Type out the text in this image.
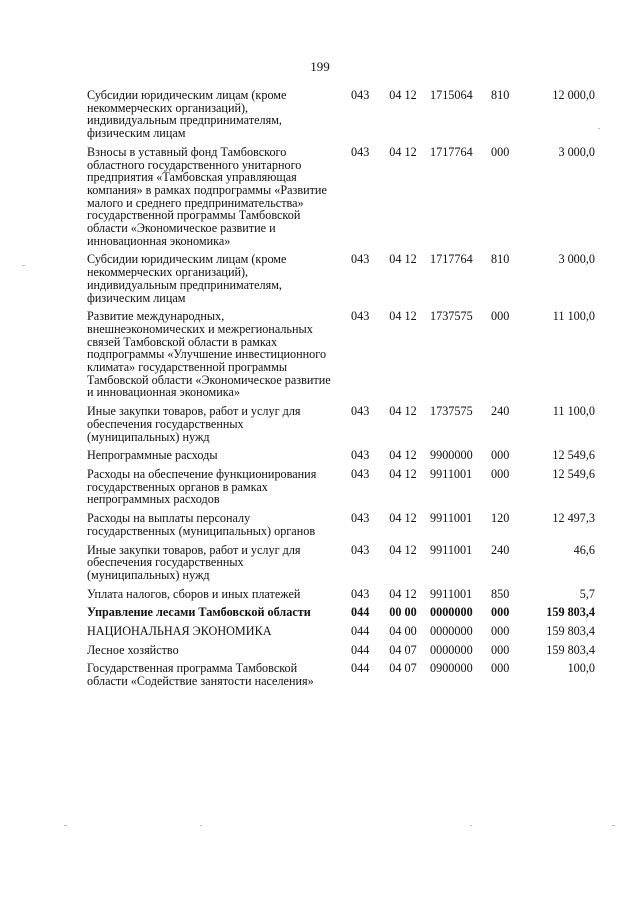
199
Субсидии юридическим лицам (кроме некоммерческих организаций), индивидуальным предпринимателям, физическим лицам	043	04 12	1715064	810	12 000,0
Взносы в уставный фонд Тамбовского областного государственного унитарного предприятия «Тамбовская управляющая компания» в рамках подпрограммы «Развитие малого и среднего предпринимательства» государственной программы Тамбовской области «Экономическое развитие и инновационная экономика»	043	04 12	1717764	000	3 000,0
Субсидии юридическим лицам (кроме некоммерческих организаций), индивидуальным предпринимателям, физическим лицам	043	04 12	1717764	810	3 000,0
Развитие международных, внешнеэкономических и межрегиональных связей Тамбовской области в рамках подпрограммы «Улучшение инвестиционного климата» государственной программы Тамбовской области «Экономическое развитие и инновационная экономика»	043	04 12	1737575	000	11 100,0
Иные закупки товаров, работ и услуг для обеспечения государственных (муниципальных) нужд	043	04 12	1737575	240	11 100,0
Непрограммные расходы	043	04 12	9900000	000	12 549,6
Расходы на обеспечение функционирования государственных органов в рамках непрограммных расходов	043	04 12	9911001	000	12 549,6
Расходы на выплаты персоналу государственных (муниципальных) органов	043	04 12	9911001	120	12 497,3
Иные закупки товаров, работ и услуг для обеспечения государственных (муниципальных) нужд	043	04 12	9911001	240	46,6
Уплата налогов, сборов и иных платежей	043	04 12	9911001	850	5,7
Управление лесами Тамбовской области	044	00 00	0000000	000	159 803,4
НАЦИОНАЛЬНАЯ ЭКОНОМИКА	044	04 00	0000000	000	159 803,4
Лесное хозяйство	044	04 07	0000000	000	159 803,4
Государственная программа Тамбовской области «Содействие занятости населения»	044	04 07	0900000	000	100,0
